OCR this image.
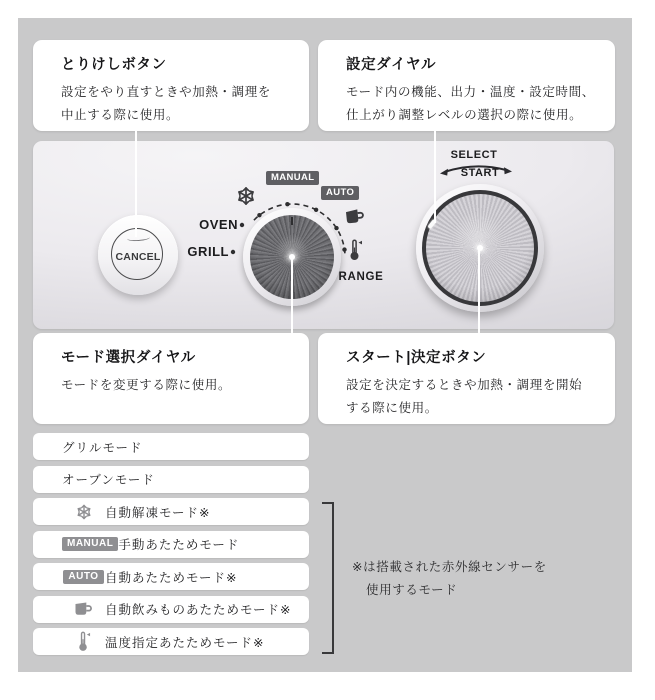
とりけしボタン
設定をやり直すときや加熱・調理を
中止する際に使用。
設定ダイヤル
モード内の機能、出力・温度・設定時間、
仕上がり調整レベルの選択の際に使用。
CANCEL
OVEN
GRILL
RANGE
SELECT
START
MANUAL
AUTO
モード選択ダイヤル
モードを変更する際に使用。
スタート|決定ボタン
設定を決定するときや加熱・調理を開始
する際に使用。
グリルモード
オーブンモード
自動解凍モード※
MANUAL 手動あたためモード
AUTO 自動あたためモード※
自動飲みものあたためモード※
温度指定あたためモード※
※は搭載された赤外線センサーを
使用するモード
